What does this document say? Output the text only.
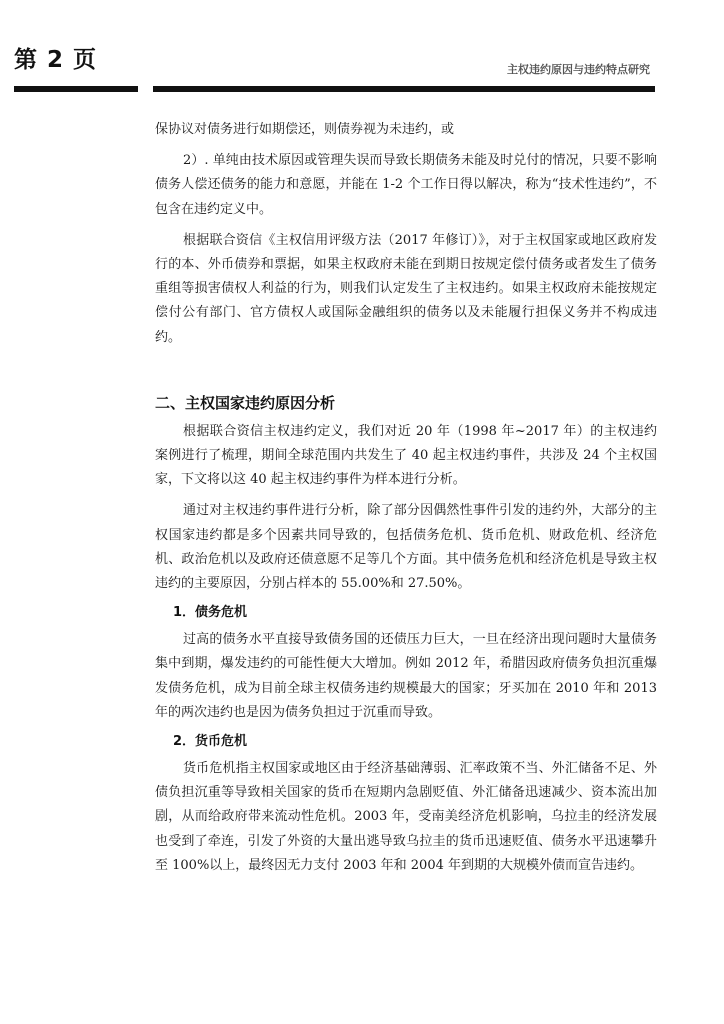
第 2 页	主权违约原因与违约特点研究

保协议对债务进行如期偿还，则债券视为未违约，或

2）. 单纯由技术原因或管理失误而导致长期债务未能及时兑付的情况，只要不影响债务人偿还债务的能力和意愿，并能在 1-2 个工作日得以解决，称为“技术性违约”，不包含在违约定义中。

根据联合资信《主权信用评级方法（2017 年修订）》，对于主权国家或地区政府发行的本、外币债券和票据，如果主权政府未能在到期日按规定偿付债务或者发生了债务重组等损害债权人利益的行为，则我们认定发生了主权违约。如果主权政府未能按规定偿付公有部门、官方债权人或国际金融组织的债务以及未能履行担保义务并不构成违约。

二、主权国家违约原因分析

根据联合资信主权违约定义，我们对近 20 年（1998 年~2017 年）的主权违约案例进行了梳理，期间全球范围内共发生了 40 起主权违约事件，共涉及 24 个主权国家，下文将以这 40 起主权违约事件为样本进行分析。

通过对主权违约事件进行分析，除了部分因偶然性事件引发的违约外，大部分的主权国家违约都是多个因素共同导致的，包括债务危机、货币危机、财政危机、经济危机、政治危机以及政府还债意愿不足等几个方面。其中债务危机和经济危机是导致主权违约的主要原因，分别占样本的 55.00%和 27.50%。

1．债务危机

过高的债务水平直接导致债务国的还债压力巨大，一旦在经济出现问题时大量债务集中到期，爆发违约的可能性便大大增加。例如 2012 年，希腊因政府债务负担沉重爆发债务危机，成为目前全球主权债务违约规模最大的国家；牙买加在 2010 年和 2013 年的两次违约也是因为债务负担过于沉重而导致。

2．货币危机

货币危机指主权国家或地区由于经济基础薄弱、汇率政策不当、外汇储备不足、外债负担沉重等导致相关国家的货币在短期内急剧贬值、外汇储备迅速减少、资本流出加剧，从而给政府带来流动性危机。2003 年，受南美经济危机影响，乌拉圭的经济发展也受到了牵连，引发了外资的大量出逃导致乌拉圭的货币迅速贬值、债务水平迅速攀升至 100%以上，最终因无力支付 2003 年和 2004 年到期的大规模外债而宣告违约。
